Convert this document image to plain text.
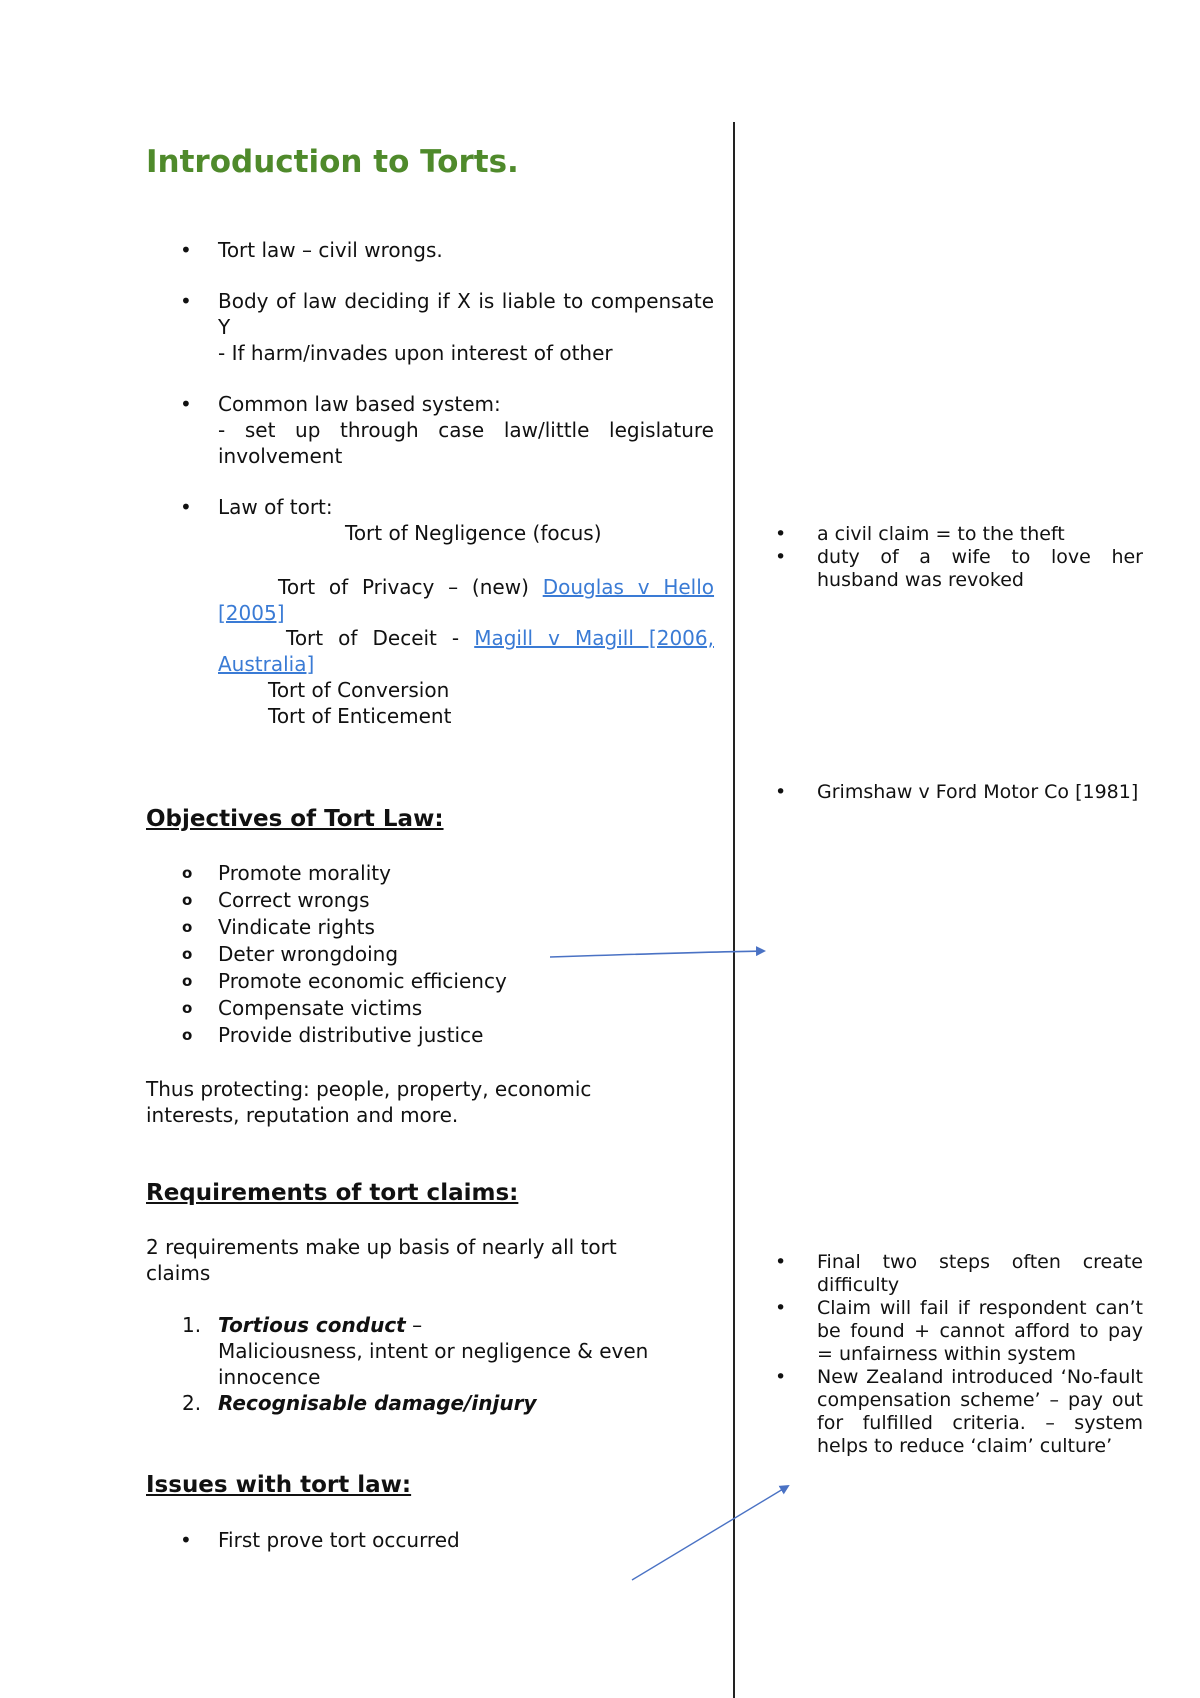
Introduction to Torts.
• Tort law – civil wrongs.
• Body of law deciding if X is liable to compensate Y
- If harm/invades upon interest of other
• Common law based system:
- set up through case law/little legislature involvement
• Law of tort:
Tort of Negligence (focus)
Tort of Privacy – (new) Douglas v Hello [2005]
Tort of Deceit - Magill v Magill [2006, Australia]
Tort of Conversion
Tort of Enticement
Objectives of Tort Law:
o Promote morality
o Correct wrongs
o Vindicate rights
o Deter wrongdoing
o Promote economic efficiency
o Compensate victims
o Provide distributive justice
Thus protecting: people, property, economic interests, reputation and more.
Requirements of tort claims:
2 requirements make up basis of nearly all tort claims
1. Tortious conduct –
Maliciousness, intent or negligence & even innocence
2. Recognisable damage/injury
Issues with tort law:
• First prove tort occurred
• a civil claim = to the theft
• duty of a wife to love her husband was revoked
• Grimshaw v Ford Motor Co [1981]
• Final two steps often create difficulty
• Claim will fail if respondent can’t be found + cannot afford to pay = unfairness within system
• New Zealand introduced ‘No-fault compensation scheme’ – pay out for fulfilled criteria. – system helps to reduce ‘claim’ culture’
